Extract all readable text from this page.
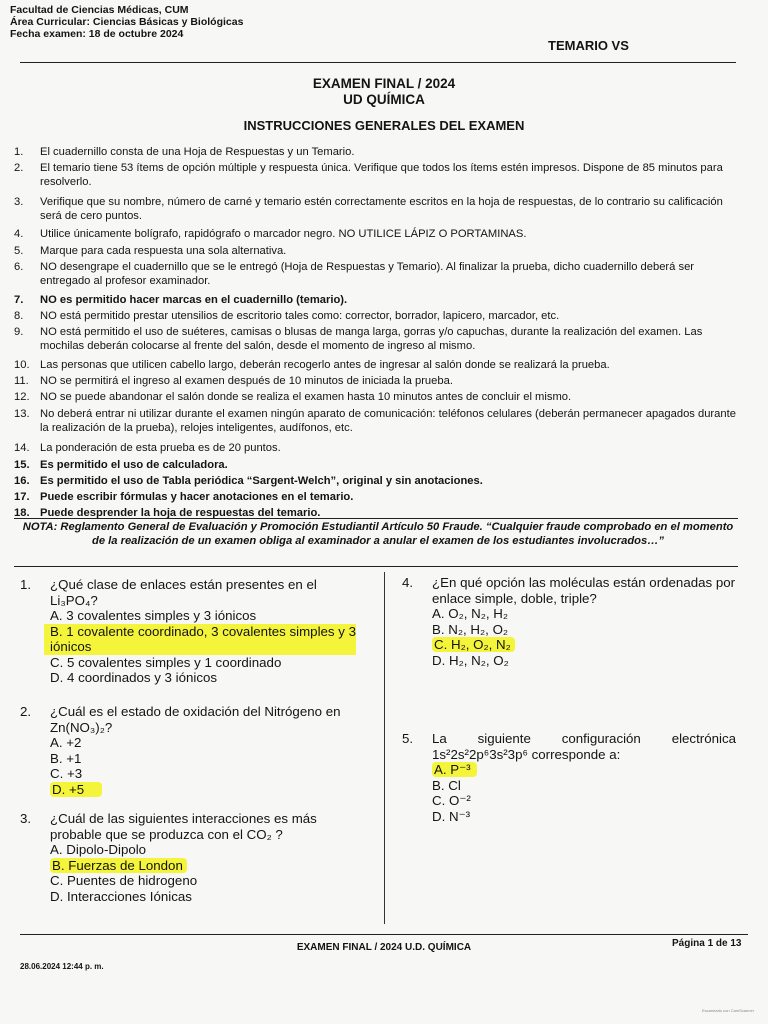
Facultad de Ciencias Médicas, CUM
Área Curricular: Ciencias Básicas y Biológicas
Fecha examen: 18 de octubre 2024
TEMARIO VS
EXAMEN FINAL / 2024
UD QUÍMICA
INSTRUCCIONES GENERALES DEL EXAMEN
1.	El cuadernillo consta de una Hoja de Respuestas y un Temario.
2.	El temario tiene 53 ítems de opción múltiple y respuesta única. Verifique que todos los ítems estén impresos. Dispone de 85 minutos para resolverlo.
3.	Verifique que su nombre, número de carné y temario estén correctamente escritos en la hoja de respuestas, de lo contrario su calificación será de cero puntos.
4.	Utilice únicamente bolígrafo, rapidógrafo o marcador negro. NO UTILICE LÁPIZ O PORTAMINAS.
5.	Marque para cada respuesta una sola alternativa.
6.	NO desengrape el cuadernillo que se le entregó (Hoja de Respuestas y Temario). Al finalizar la prueba, dicho cuadernillo deberá ser entregado al profesor examinador.
7.	NO es permitido hacer marcas en el cuadernillo (temario).
8.	NO está permitido prestar utensilios de escritorio tales como: corrector, borrador, lapicero, marcador, etc.
9.	NO está permitido el uso de suéteres, camisas o blusas de manga larga, gorras y/o capuchas, durante la realización del examen. Las mochilas deberán colocarse al frente del salón, desde el momento de ingreso al mismo.
10. Las personas que utilicen cabello largo, deberán recogerlo antes de ingresar al salón donde se realizará la prueba.
11.	NO se permitirá el ingreso al examen después de 10 minutos de iniciada la prueba.
12. NO se puede abandonar el salón donde se realiza el examen hasta 10 minutos antes de concluir el mismo.
13. No deberá entrar ni utilizar durante el examen ningún aparato de comunicación: teléfonos celulares (deberán permanecer apagados durante la realización de la prueba), relojes inteligentes, audífonos, etc.
14. La ponderación de esta prueba es de 20 puntos.
15. Es permitido el uso de calculadora.
16. Es permitido el uso de Tabla periódica “Sargent-Welch”, original y sin anotaciones.
17. Puede escribir fórmulas y hacer anotaciones en el temario.
18. Puede desprender la hoja de respuestas del temario.
NOTA: Reglamento General de Evaluación y Promoción Estudiantil Artículo 50 Fraude. “Cualquier fraude comprobado en el momento de la realización de un examen obliga al examinador a anular el examen de los estudiantes involucrados…”
1. ¿Qué clase de enlaces están presentes en el Li₃PO₄?
A. 3 covalentes simples y 3 iónicos
B. 1 covalente coordinado, 3 covalentes simples y 3 iónicos
C. 5 covalentes simples y 1 coordinado
D. 4 coordinados y 3 iónicos
2. ¿Cuál es el estado de oxidación del Nitrógeno en Zn(NO₃)₂?
A. +2
B. +1
C. +3
D. +5
3. ¿Cuál de las siguientes interacciones es más probable que se produzca con el CO₂ ?
A. Dipolo-Dipolo
B. Fuerzas de London
C. Puentes de hidrogeno
D. Interacciones Iónicas
4. ¿En qué opción las moléculas están ordenadas por enlace simple, doble, triple?
A. O₂, N₂, H₂
B. N₂, H₂, O₂
C. H₂, O₂, N₂
D. H₂, N₂, O₂
5. La siguiente configuración electrónica 1s²2s²2p⁶3s²3p⁶ corresponde a:
A. P⁻³
B. Cl
C. O⁻²
D. N⁻³
EXAMEN FINAL / 2024 U.D. QUÍMICA	Página 1 de 13
28.06.2024 12:44 p. m.
Escaneado con CamScanner
